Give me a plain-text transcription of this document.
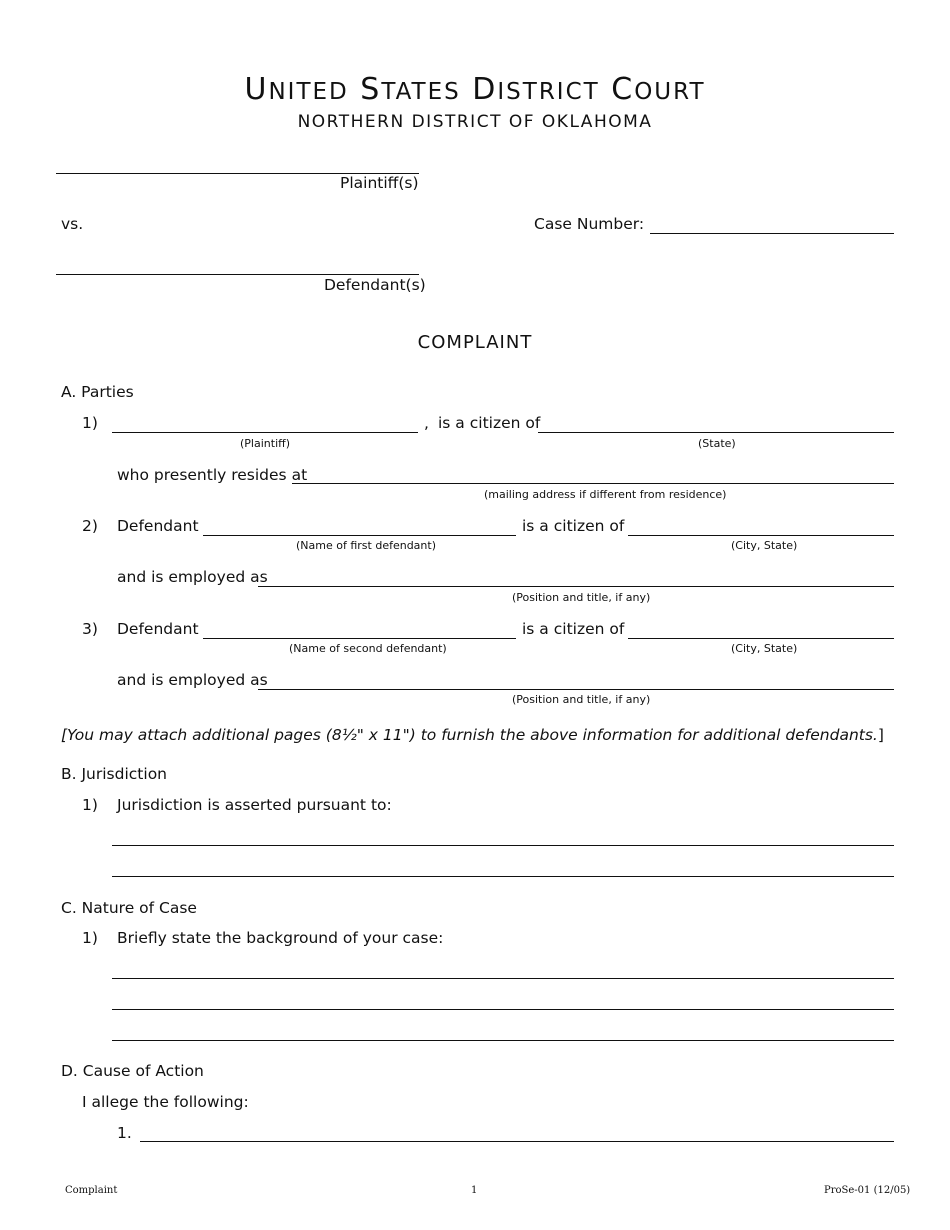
UNITED STATES DISTRICT COURT
NORTHERN DISTRICT OF OKLAHOMA
Plaintiff(s)
vs.	Case Number:
Defendant(s)
COMPLAINT
A. Parties
1)	, is a citizen of
(Plaintiff)	(State)
who presently resides at
(mailing address if different from residence)
2) Defendant	is a citizen of
(Name of first defendant)	(City, State)
and is employed as
(Position and title, if any)
3) Defendant	is a citizen of
(Name of second defendant)	(City, State)
and is employed as
(Position and title, if any)
[You may attach additional pages (8½" x 11") to furnish the above information for additional defendants.]
B. Jurisdiction
1) Jurisdiction is asserted pursuant to:
C. Nature of Case
1) Briefly state the background of your case:
D. Cause of Action
I allege the following:
1.
Complaint	1	ProSe-01 (12/05)
